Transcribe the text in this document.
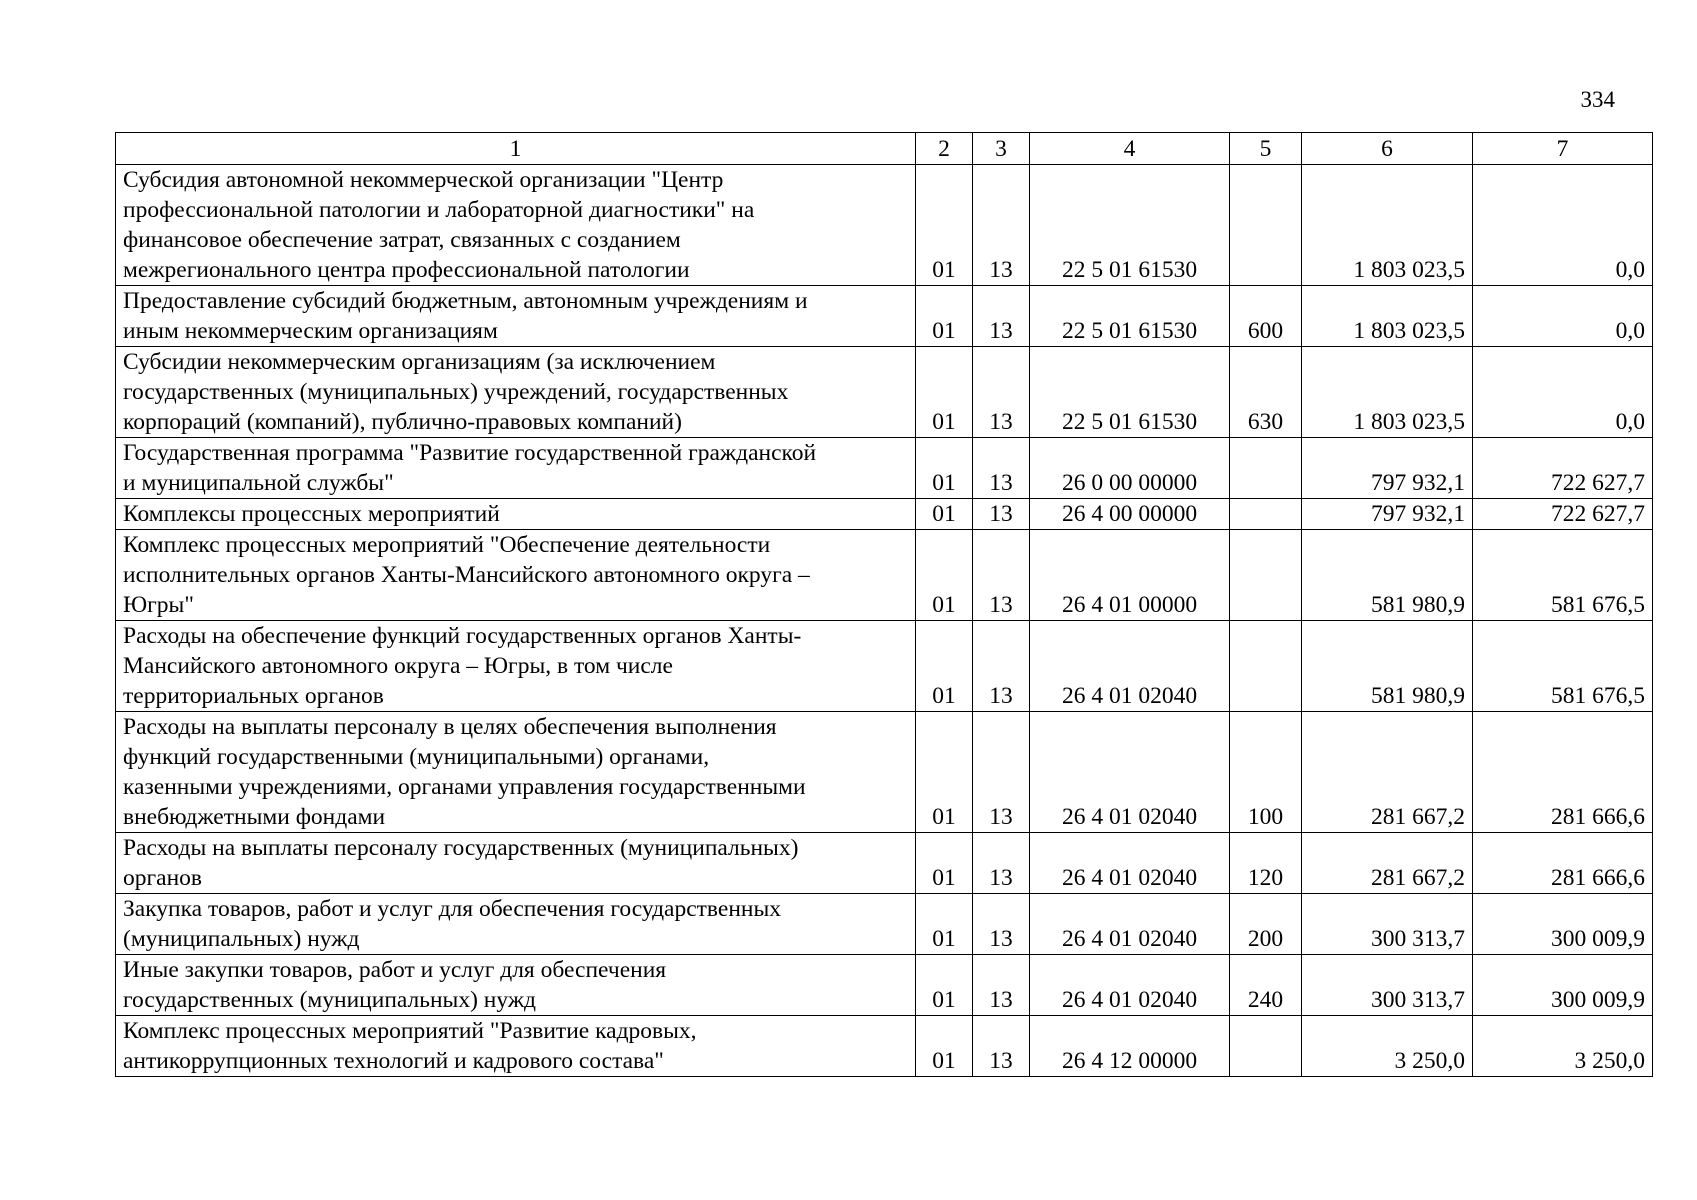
334
1	2	3	4	5	6	7

Субсидия автономной некоммерческой организации "Центр
профессиональной патологии и лабораторной диагностики" на
финансовое обеспечение затрат, связанных с созданием
межрегионального центра профессиональной патологии	01	13	22 5 01 61530		1 803 023,5	0,0

Предоставление субсидий бюджетным, автономным учреждениям и
иным некоммерческим организациям	01	13	22 5 01 61530	600	1 803 023,5	0,0

Субсидии некоммерческим организациям (за исключением
государственных (муниципальных) учреждений, государственных
корпораций (компаний), публично-правовых компаний)	01	13	22 5 01 61530	630	1 803 023,5	0,0

Государственная программа "Развитие государственной гражданской
и муниципальной службы"	01	13	26 0 00 00000		797 932,1	722 627,7

Комплексы процессных мероприятий	01	13	26 4 00 00000		797 932,1	722 627,7

Комплекс процессных мероприятий "Обеспечение деятельности
исполнительных органов Ханты-Мансийского автономного округа –
Югры"	01	13	26 4 01 00000		581 980,9	581 676,5

Расходы на обеспечение функций государственных органов Ханты-
Мансийского автономного округа – Югры, в том числе
территориальных органов	01	13	26 4 01 02040		581 980,9	581 676,5

Расходы на выплаты персоналу в целях обеспечения выполнения
функций государственными (муниципальными) органами,
казенными учреждениями, органами управления государственными
внебюджетными фондами	01	13	26 4 01 02040	100	281 667,2	281 666,6

Расходы на выплаты персоналу государственных (муниципальных)
органов	01	13	26 4 01 02040	120	281 667,2	281 666,6

Закупка товаров, работ и услуг для обеспечения государственных
(муниципальных) нужд	01	13	26 4 01 02040	200	300 313,7	300 009,9

Иные закупки товаров, работ и услуг для обеспечения
государственных (муниципальных) нужд	01	13	26 4 01 02040	240	300 313,7	300 009,9

Комплекс процессных мероприятий "Развитие кадровых,
антикоррупционных технологий и кадрового состава"	01	13	26 4 12 00000		3 250,0	3 250,0
